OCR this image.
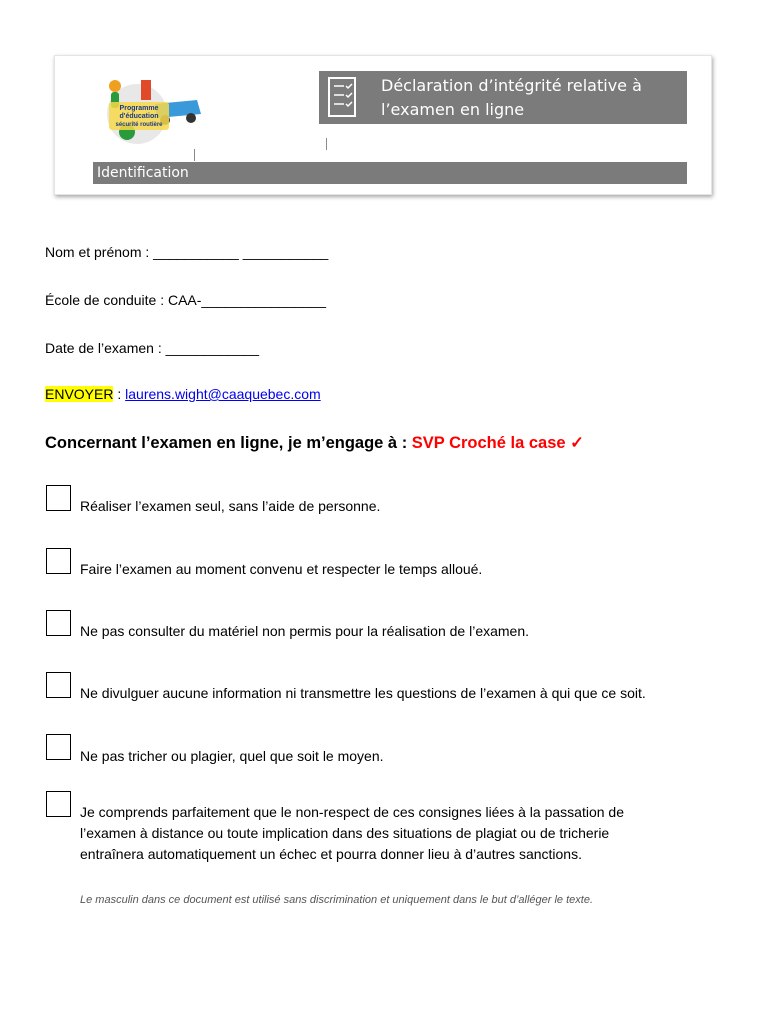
Programme
d'éducation
sécurité routière
Déclaration d’intégrité relative à
l’examen en ligne
Identification
Nom et prénom : ___________ ___________
École de conduite : CAA-________________
Date de l’examen : ____________
ENVOYER : laurens.wight@caaquebec.com
Concernant l’examen en ligne, je m’engage à : SVP Croché la case ✓
Réaliser l’examen seul, sans l’aide de personne.
Faire l’examen au moment convenu et respecter le temps alloué.
Ne pas consulter du matériel non permis pour la réalisation de l’examen.
Ne divulguer aucune information ni transmettre les questions de l’examen à qui que ce soit.
Ne pas tricher ou plagier, quel que soit le moyen.
Je comprends parfaitement que le non-respect de ces consignes liées à la passation de
l’examen à distance ou toute implication dans des situations de plagiat ou de tricherie
entraînera automatiquement un échec et pourra donner lieu à d’autres sanctions.
Le masculin dans ce document est utilisé sans discrimination et uniquement dans le but d’alléger le texte.
